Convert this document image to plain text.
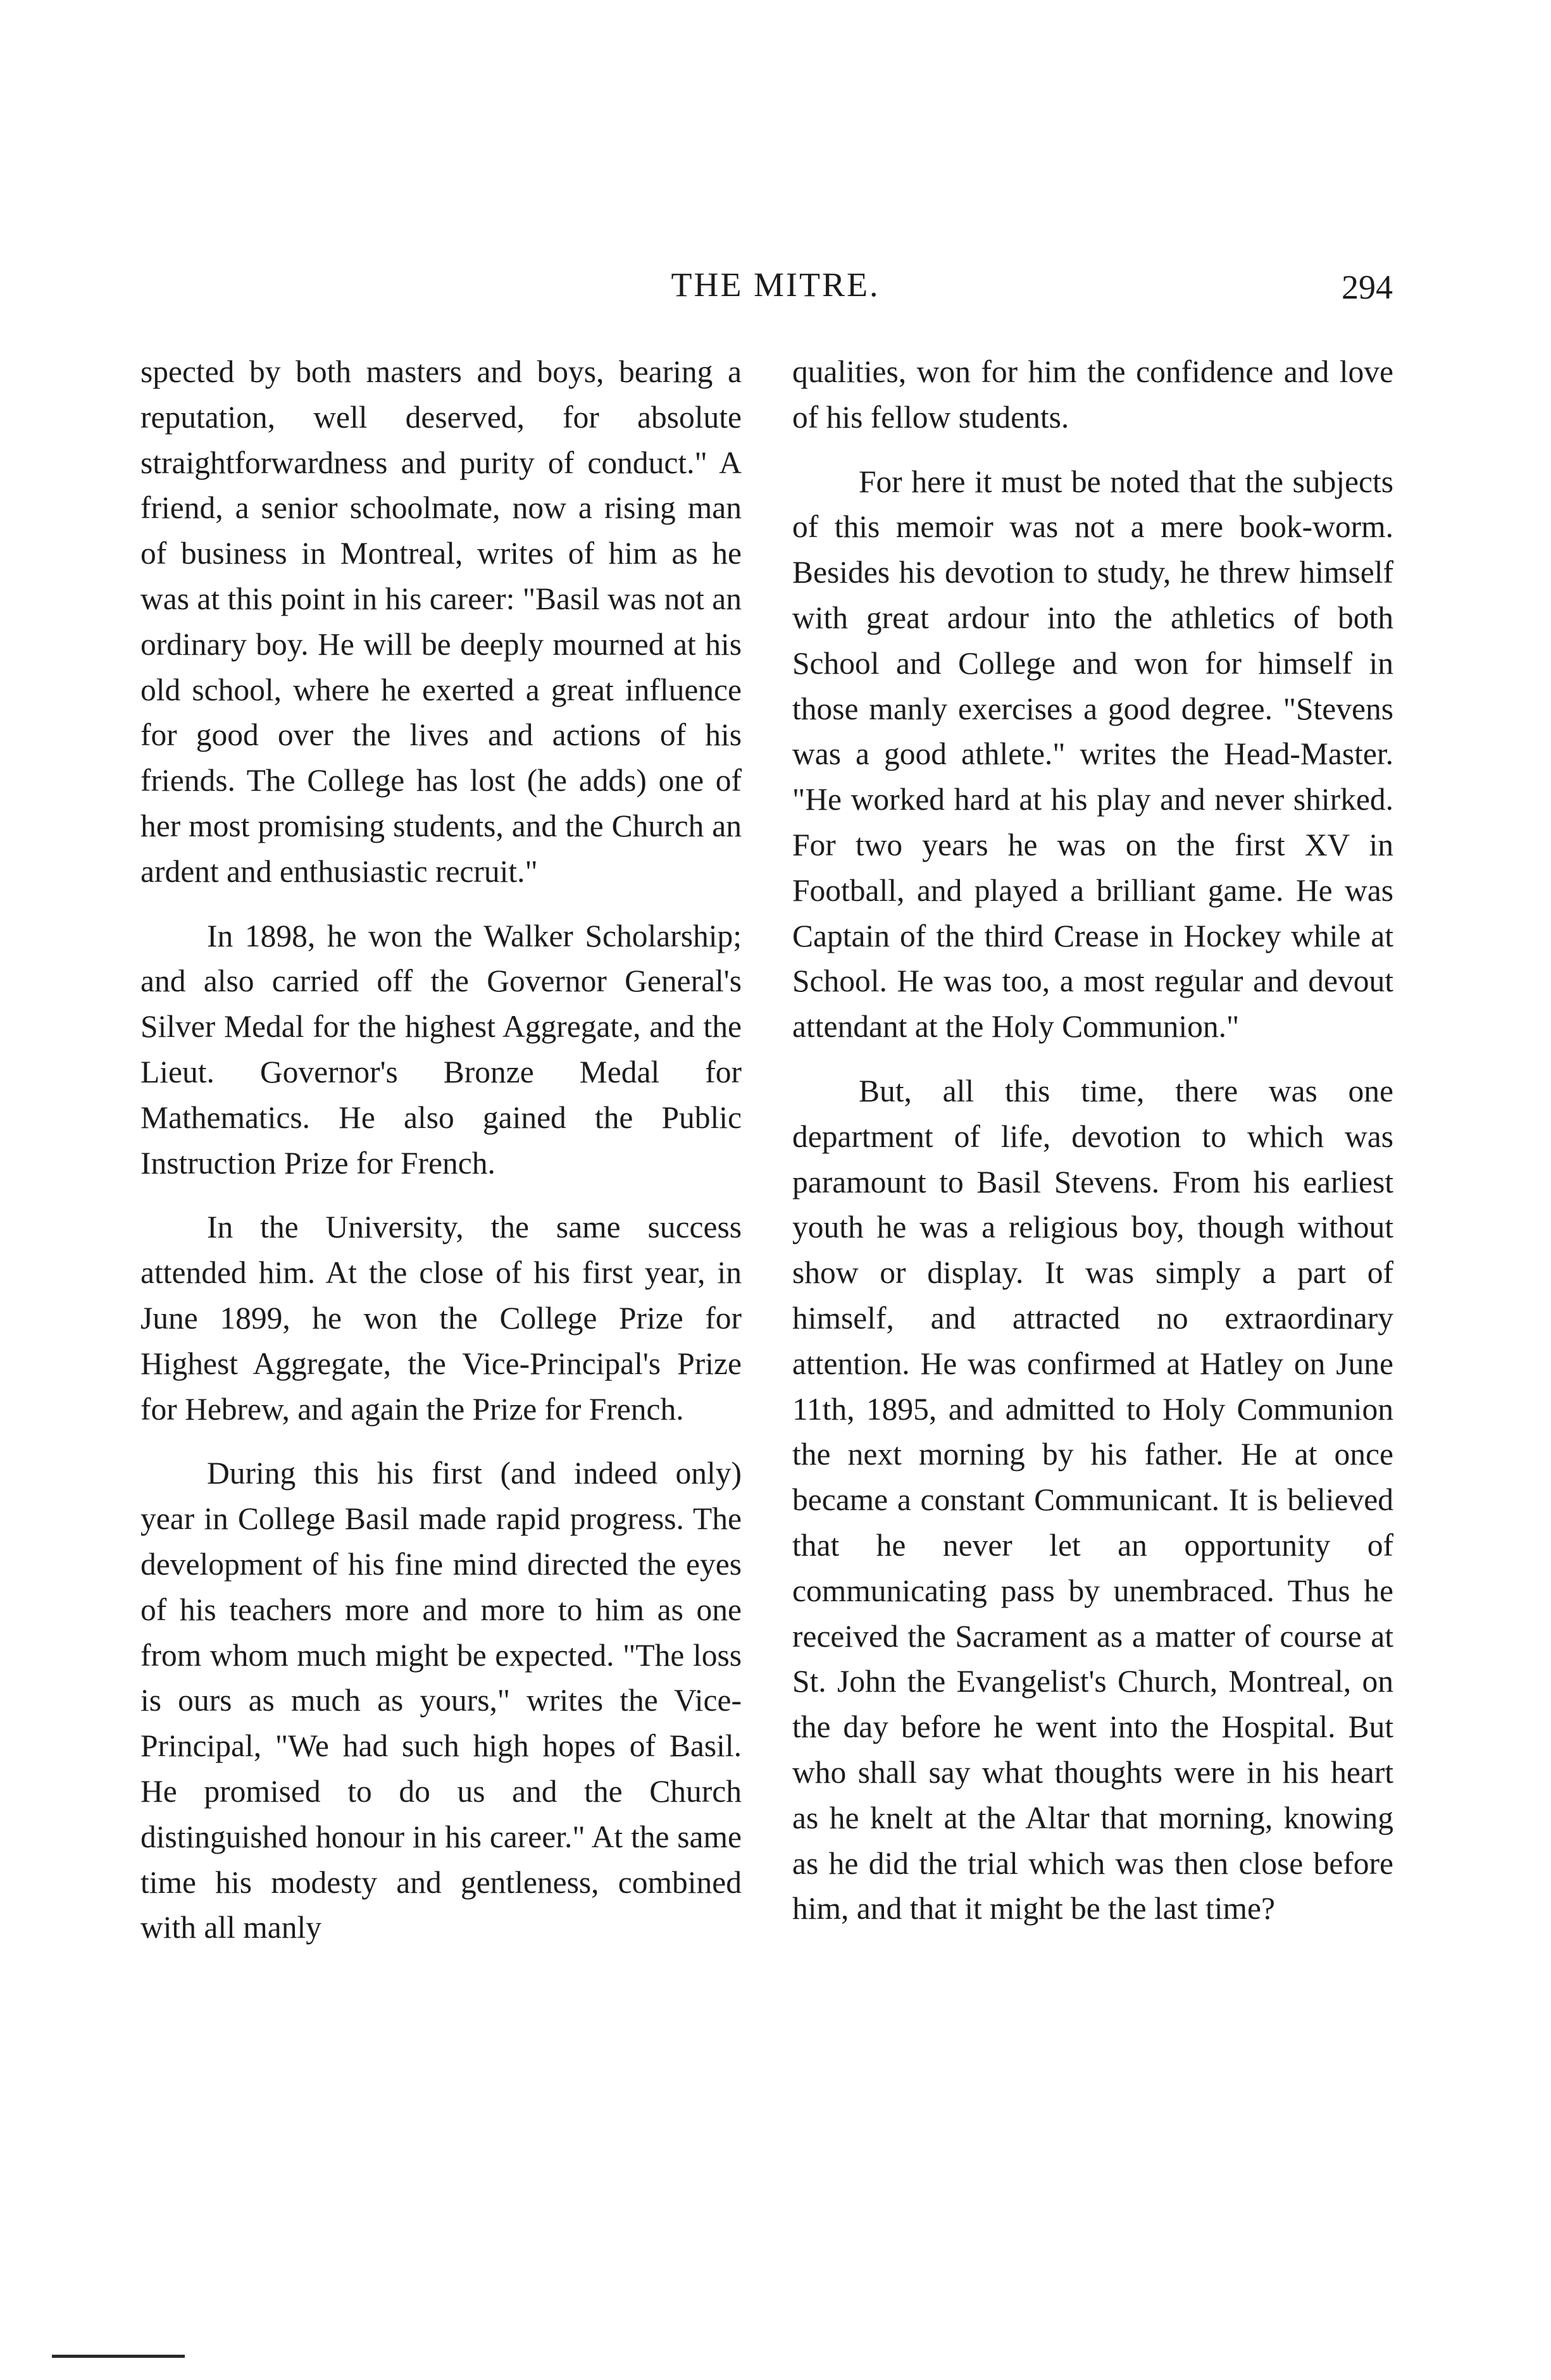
THE MITRE.	294

spected by both masters and boys, bearing a reputation, well deserved, for absolute straightforwardness and purity of conduct." A friend, a senior schoolmate, now a rising man of business in Montreal, writes of him as he was at this point in his career: "Basil was not an ordinary boy. He will be deeply mourned at his old school, where he exerted a great influence for good over the lives and actions of his friends. The College has lost (he adds) one of her most promising students, and the Church an ardent and enthusiastic recruit."

In 1898, he won the Walker Scholarship; and also carried off the Governor General's Silver Medal for the highest Aggregate, and the Lieut. Governor's Bronze Medal for Mathematics. He also gained the Public Instruction Prize for French.

In the University, the same success attended him. At the close of his first year, in June 1899, he won the College Prize for Highest Aggregate, the Vice-Principal's Prize for Hebrew, and again the Prize for French.

During this his first (and indeed only) year in College Basil made rapid progress. The development of his fine mind directed the eyes of his teachers more and more to him as one from whom much might be expected. "The loss is ours as much as yours," writes the Vice-Principal, "We had such high hopes of Basil. He promised to do us and the Church distinguished honour in his career." At the same time his modesty and gentleness, combined with all manly

qualities, won for him the confidence and love of his fellow students.

For here it must be noted that the subjects of this memoir was not a mere book-worm. Besides his devotion to study, he threw himself with great ardour into the athletics of both School and College and won for himself in those manly exercises a good degree. "Stevens was a good athlete." writes the Head-Master. "He worked hard at his play and never shirked. For two years he was on the first XV in Football, and played a brilliant game. He was Captain of the third Crease in Hockey while at School. He was too, a most regular and devout attendant at the Holy Communion."

But, all this time, there was one department of life, devotion to which was paramount to Basil Stevens. From his earliest youth he was a religious boy, though without show or display. It was simply a part of himself, and attracted no extraordinary attention. He was confirmed at Hatley on June 11th, 1895, and admitted to Holy Communion the next morning by his father. He at once became a constant Communicant. It is believed that he never let an opportunity of communicating pass by unembraced. Thus he received the Sacrament as a matter of course at St. John the Evangelist's Church, Montreal, on the day before he went into the Hospital. But who shall say what thoughts were in his heart as he knelt at the Altar that morning, knowing as he did the trial which was then close before him, and that it might be the last time?
